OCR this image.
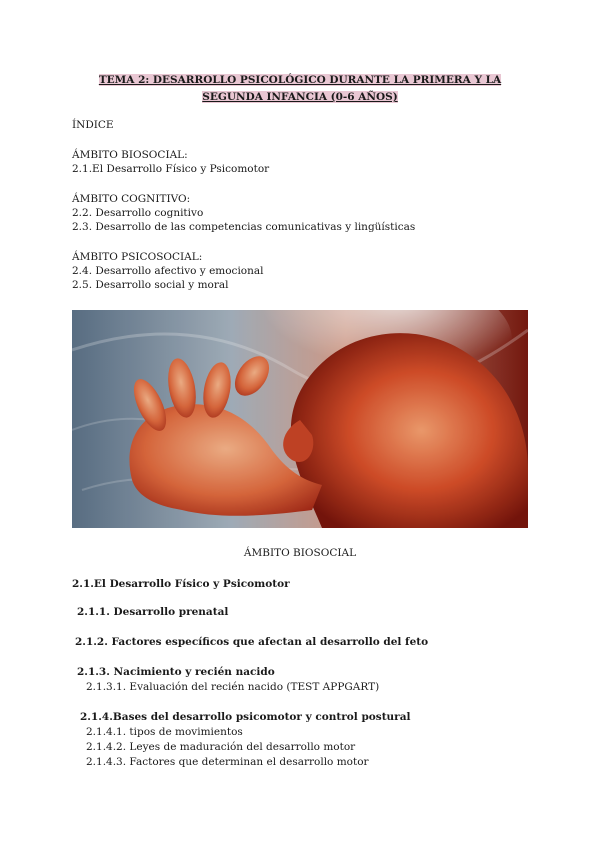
TEMA 2: DESARROLLO PSICOLÓGICO DURANTE LA PRIMERA Y LA SEGUNDA INFANCIA (0-6 AÑOS)
ÍNDICE
ÁMBITO BIOSOCIAL:
2.1.El Desarrollo Físico y Psicomotor
ÁMBITO COGNITIVO:
2.2. Desarrollo cognitivo
2.3. Desarrollo de las competencias comunicativas y lingüísticas
ÁMBITO PSICOSOCIAL:
2.4. Desarrollo afectivo y emocional
2.5. Desarrollo social y moral
ÁMBITO BIOSOCIAL
2.1.El Desarrollo Físico y Psicomotor
2.1.1. Desarrollo prenatal
2.1.2. Factores específicos que afectan al desarrollo del feto
2.1.3. Nacimiento y recién nacido
2.1.3.1. Evaluación del recién nacido (TEST APPGART)
2.1.4.Bases del desarrollo psicomotor y control postural
2.1.4.1. tipos de movimientos
2.1.4.2. Leyes de maduración del desarrollo motor
2.1.4.3. Factores que determinan el desarrollo motor
